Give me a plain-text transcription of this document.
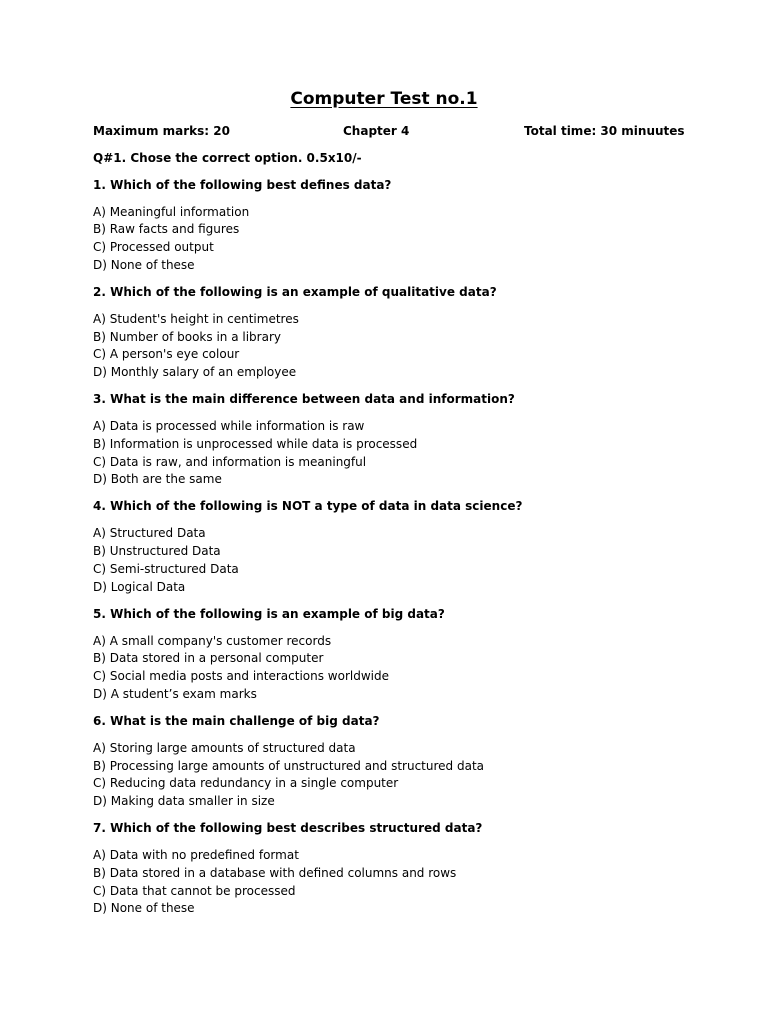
Computer Test no.1
Maximum marks: 20	Chapter 4	Total time: 30 minuutes

Q#1. Chose the correct option. 0.5x10/-

1. Which of the following best defines data?

A) Meaningful information
B) Raw facts and figures
C) Processed output
D) None of these

2. Which of the following is an example of qualitative data?

A) Student's height in centimetres
B) Number of books in a library
C) A person's eye colour
D) Monthly salary of an employee

3. What is the main difference between data and information?

A) Data is processed while information is raw
B) Information is unprocessed while data is processed
C) Data is raw, and information is meaningful
D) Both are the same

4. Which of the following is NOT a type of data in data science?

A) Structured Data
B) Unstructured Data
C) Semi-structured Data
D) Logical Data

5. Which of the following is an example of big data?

A) A small company's customer records
B) Data stored in a personal computer
C) Social media posts and interactions worldwide
D) A student’s exam marks

6. What is the main challenge of big data?

A) Storing large amounts of structured data
B) Processing large amounts of unstructured and structured data
C) Reducing data redundancy in a single computer
D) Making data smaller in size

7. Which of the following best describes structured data?

A) Data with no predefined format
B) Data stored in a database with defined columns and rows
C) Data that cannot be processed
D) None of these
